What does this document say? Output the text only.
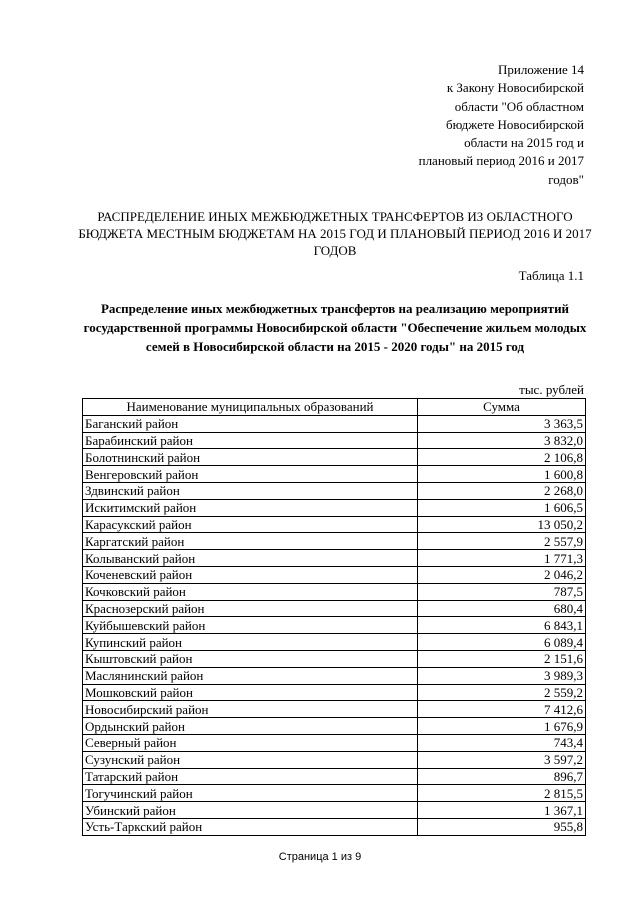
Приложение 14
к Закону Новосибирской
области "Об областном
бюджете Новосибирской
области на 2015 год и
плановый период 2016 и 2017
годов"
РАСПРЕДЕЛЕНИЕ ИНЫХ МЕЖБЮДЖЕТНЫХ ТРАНСФЕРТОВ ИЗ ОБЛАСТНОГО БЮДЖЕТА МЕСТНЫМ БЮДЖЕТАМ НА 2015 ГОД И ПЛАНОВЫЙ ПЕРИОД 2016 И 2017 ГОДОВ
Таблица 1.1
Распределение иных межбюджетных трансфертов на реализацию мероприятий государственной программы Новосибирской области "Обеспечение жильем молодых семей в Новосибирской области на 2015 - 2020 годы" на 2015 год
тыс. рублей
Наименование муниципальных образований	Сумма
Баганский район	3 363,5
Барабинский район	3 832,0
Болотнинский район	2 106,8
Венгеровский район	1 600,8
Здвинский район	2 268,0
Искитимский район	1 606,5
Карасукский район	13 050,2
Каргатский район	2 557,9
Колыванский район	1 771,3
Коченевский район	2 046,2
Кочковский район	787,5
Краснозерский район	680,4
Куйбышевский район	6 843,1
Купинский район	6 089,4
Кыштовский район	2 151,6
Маслянинский район	3 989,3
Мошковский район	2 559,2
Новосибирский район	7 412,6
Ордынский район	1 676,9
Северный район	743,4
Сузунский район	3 597,2
Татарский район	896,7
Тогучинский район	2 815,5
Убинский район	1 367,1
Усть-Таркский район	955,8
Страница 1 из 9
